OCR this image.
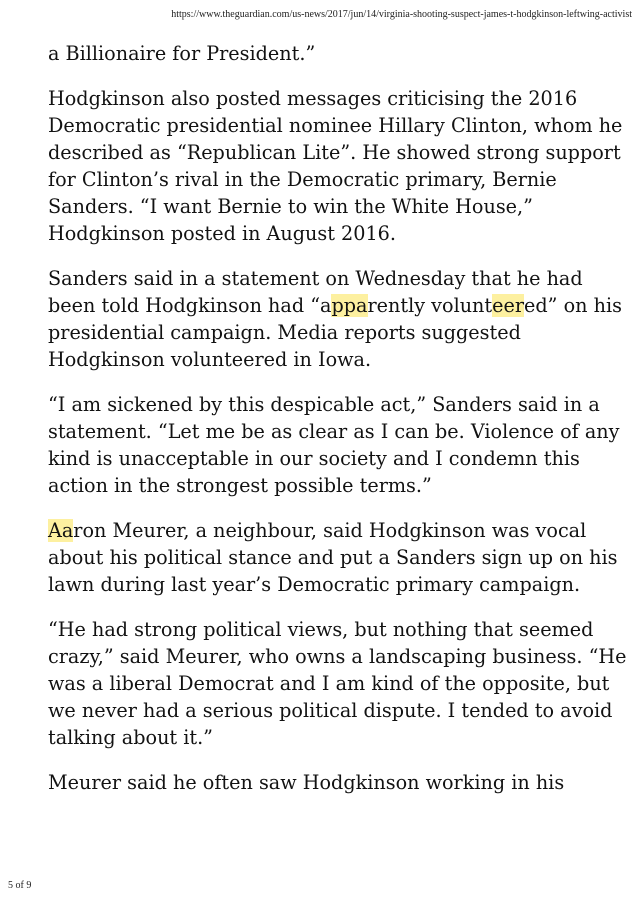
https://www.theguardian.com/us-news/2017/jun/14/virginia-shooting-suspect-james-t-hodgkinson-leftwing-activist

a Billionaire for President.”

Hodgkinson also posted messages criticising the 2016 Democratic presidential nominee Hillary Clinton, whom he described as “Republican Lite”. He showed strong support for Clinton’s rival in the Democratic primary, Bernie Sanders. “I want Bernie to win the White House,” Hodgkinson posted in August 2016.

Sanders said in a statement on Wednesday that he had been told Hodgkinson had “apparently volunteered” on his presidential campaign. Media reports suggested Hodgkinson volunteered in Iowa.

“I am sickened by this despicable act,” Sanders said in a statement. “Let me be as clear as I can be. Violence of any kind is unacceptable in our society and I condemn this action in the strongest possible terms.”

Aaron Meurer, a neighbour, said Hodgkinson was vocal about his political stance and put a Sanders sign up on his lawn during last year’s Democratic primary campaign.

“He had strong political views, but nothing that seemed crazy,” said Meurer, who owns a landscaping business. “He was a liberal Democrat and I am kind of the opposite, but we never had a serious political dispute. I tended to avoid talking about it.”

Meurer said he often saw Hodgkinson working in his

5 of 9
